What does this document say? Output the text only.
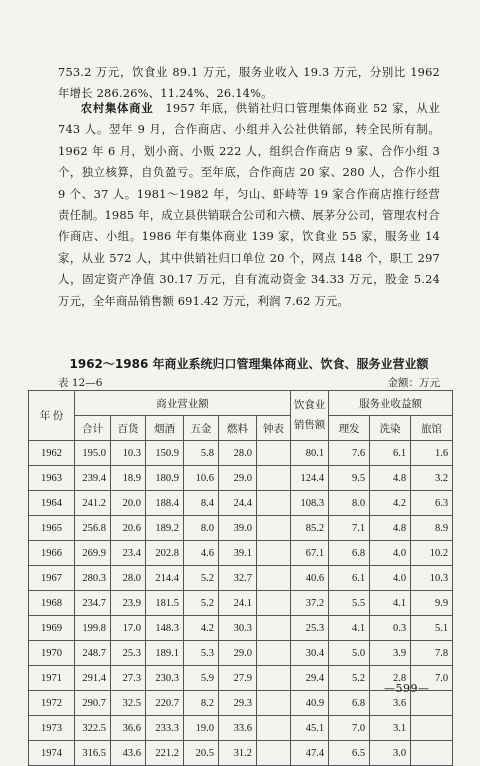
753.2 万元，饮食业 89.1 万元，服务业收入 19.3 万元，分别比 1962 年增长 286.26%、11.24%、26.14%。

农村集体商业　1957 年底，供销社归口管理集体商业 52 家，从业 743 人。翌年 9 月，合作商店、小组并入公社供销部，转全民所有制。1962 年 6 月，划小商、小贩 222 人，组织合作商店 9 家、合作小组 3 个，独立核算，自负盈亏。至年底，合作商店 20 家、280 人，合作小组 9 个、37 人。1981～1982 年，匀山、虾峙等 19 家合作商店推行经营责任制。1985 年，成立县供销联合公司和六横、展茅分公司，管理农村合作商店、小组。1986 年有集体商业 139 家，饮食业 55 家，服务业 14 家，从业 572 人，其中供销社归口单位 20 个，网点 148 个，职工 297 人，固定资产净值 30.17 万元，自有流动资金 34.33 万元，股金 5.24 万元，全年商品销售额 691.42 万元，利润 7.62 万元。

1962～1986 年商业系统归口管理集体商业、饮食、服务业营业额
表 12—6	金额：万元
年 份	商业营业额						饮食业
销售额	服务业收益额		
	合计	百货	烟酒	五金	燃料	钟表		理发	洗染	旅馆
1962	195.0	10.3	150.9	5.8	28.0		80.1	7.6	6.1	1.6
1963	239.4	18.9	180.9	10.6	29.0		124.4	9.5	4.8	3.2
1964	241.2	20.0	188.4	8.4	24.4		108.3	8.0	4.2	6.3
1965	256.8	20.6	189.2	8.0	39.0		85.2	7.1	4.8	8.9
1966	269.9	23.4	202.8	4.6	39.1		67.1	6.8	4.0	10.2
1967	280.3	28.0	214.4	5.2	32.7		40.6	6.1	4.0	10.3
1968	234.7	23.9	181.5	5.2	24.1		37.2	5.5	4.1	9.9
1969	199.8	17.0	148.3	4.2	30.3		25.3	4.1	0.3	5.1
1970	248.7	25.3	189.1	5.3	29.0		30.4	5.0	3.9	7.8
1971	291.4	27.3	230.3	5.9	27.9		29.4	5.2	2.8	7.0
1972	290.7	32.5	220.7	8.2	29.3		40.9	6.8	3.6	
1973	322.5	36.6	233.3	19.0	33.6		45.1	7.0	3.1	
1974	316.5	43.6	221.2	20.5	31.2		47.4	6.5	3.0	
—599—
